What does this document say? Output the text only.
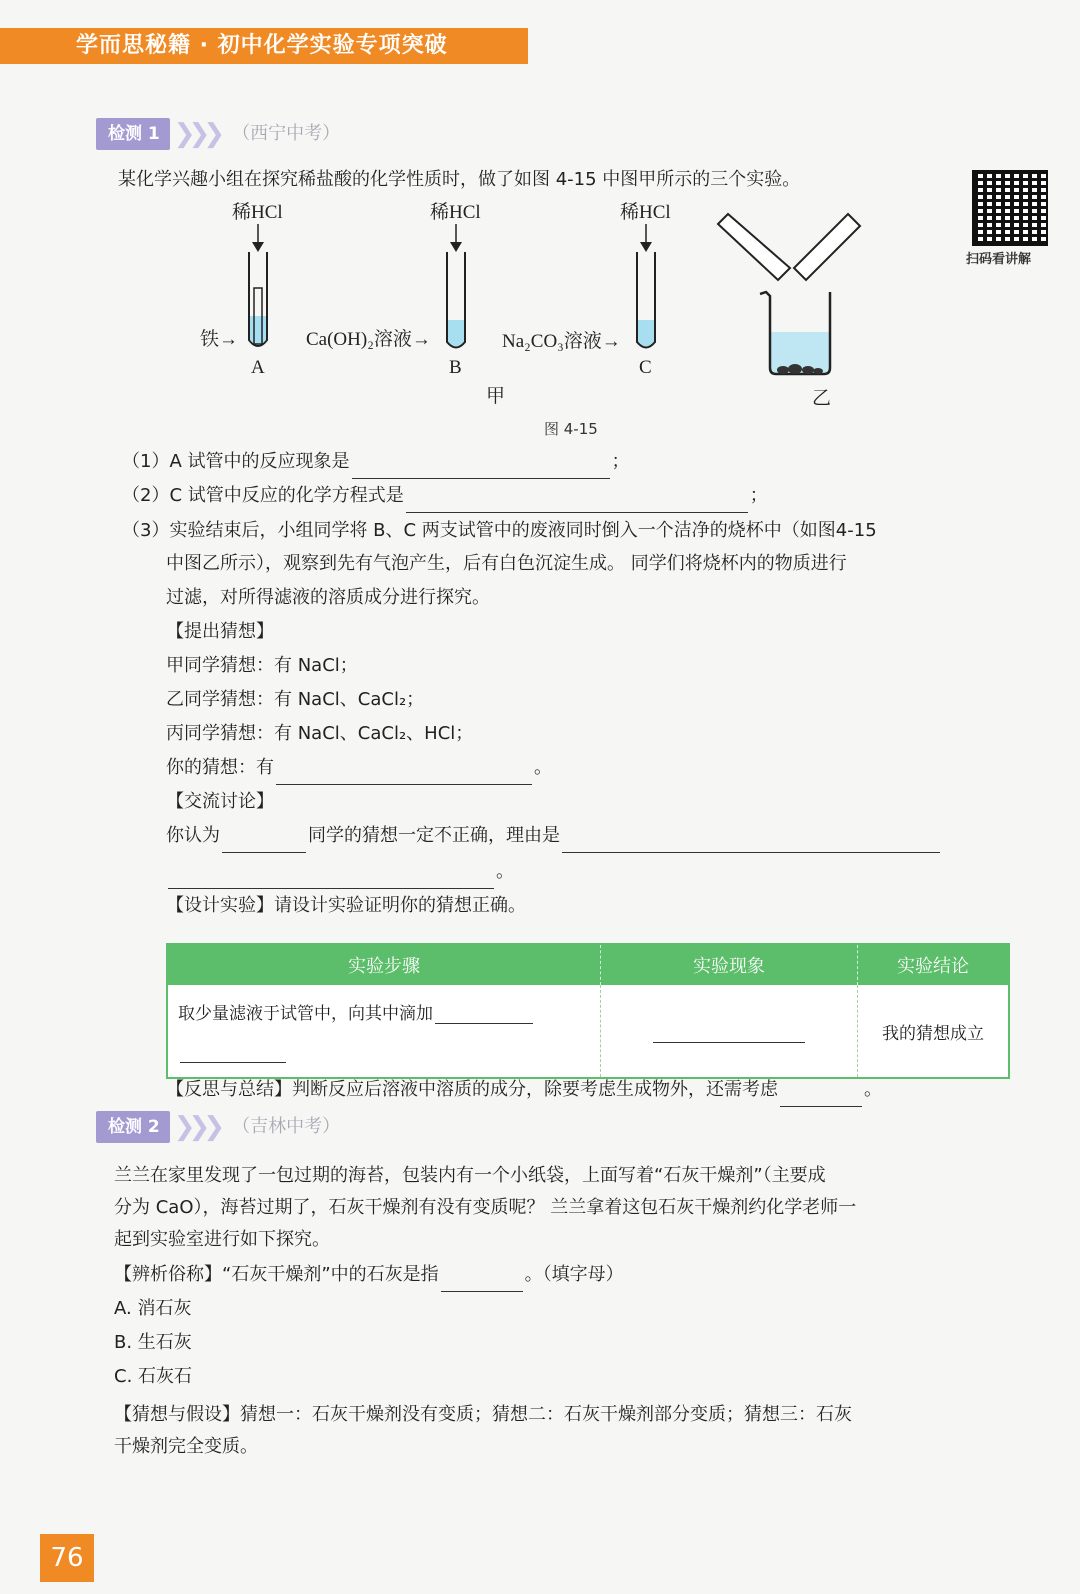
学而思秘籍 · 初中化学实验专项突破
检测 1 ❯❯❯ （西宁中考）
某化学兴趣小组在探究稀盐酸的化学性质时，做了如图 4-15 中图甲所示的三个实验。
扫码看讲解
稀HCl
铁→
A
稀HCl
Ca(OH)₂溶液→
B
稀HCl
Na₂CO₃溶液→
C
甲	乙
图 4-15
（1）A 试管中的反应现象是	；
（2）C 试管中反应的化学方程式是	；
（3）实验结束后，小组同学将 B、C 两支试管中的废液同时倒入一个洁净的烧杯中（如图4-15
中图乙所示），观察到先有气泡产生，后有白色沉淀生成。 同学们将烧杯内的物质进行
过滤，对所得滤液的溶质成分进行探究。
【提出猜想】
甲同学猜想：有 NaCl；
乙同学猜想：有 NaCl、CaCl₂；
丙同学猜想：有 NaCl、CaCl₂、HCl；
你的猜想：有	。
【交流讨论】
你认为	同学的猜想一定不正确，理由是
。
【设计实验】请设计实验证明你的猜想正确。
实验步骤	实验现象	实验结论

取少量滤液于试管中，向其中滴加		我的猜想成立
【反思与总结】判断反应后溶液中溶质的成分，除要考虑生成物外，还需考虑	。
检测 2 ❯❯❯ （吉林中考）
兰兰在家里发现了一包过期的海苔，包装内有一个小纸袋，上面写着“石灰干燥剂”（主要成
分为 CaO），海苔过期了，石灰干燥剂有没有变质呢？ 兰兰拿着这包石灰干燥剂约化学老师一
起到实验室进行如下探究。
【辨析俗称】“石灰干燥剂”中的石灰是指	。（填字母）
A. 消石灰
B. 生石灰
C. 石灰石
【猜想与假设】猜想一：石灰干燥剂没有变质；猜想二：石灰干燥剂部分变质；猜想三：石灰
干燥剂完全变质。
76
